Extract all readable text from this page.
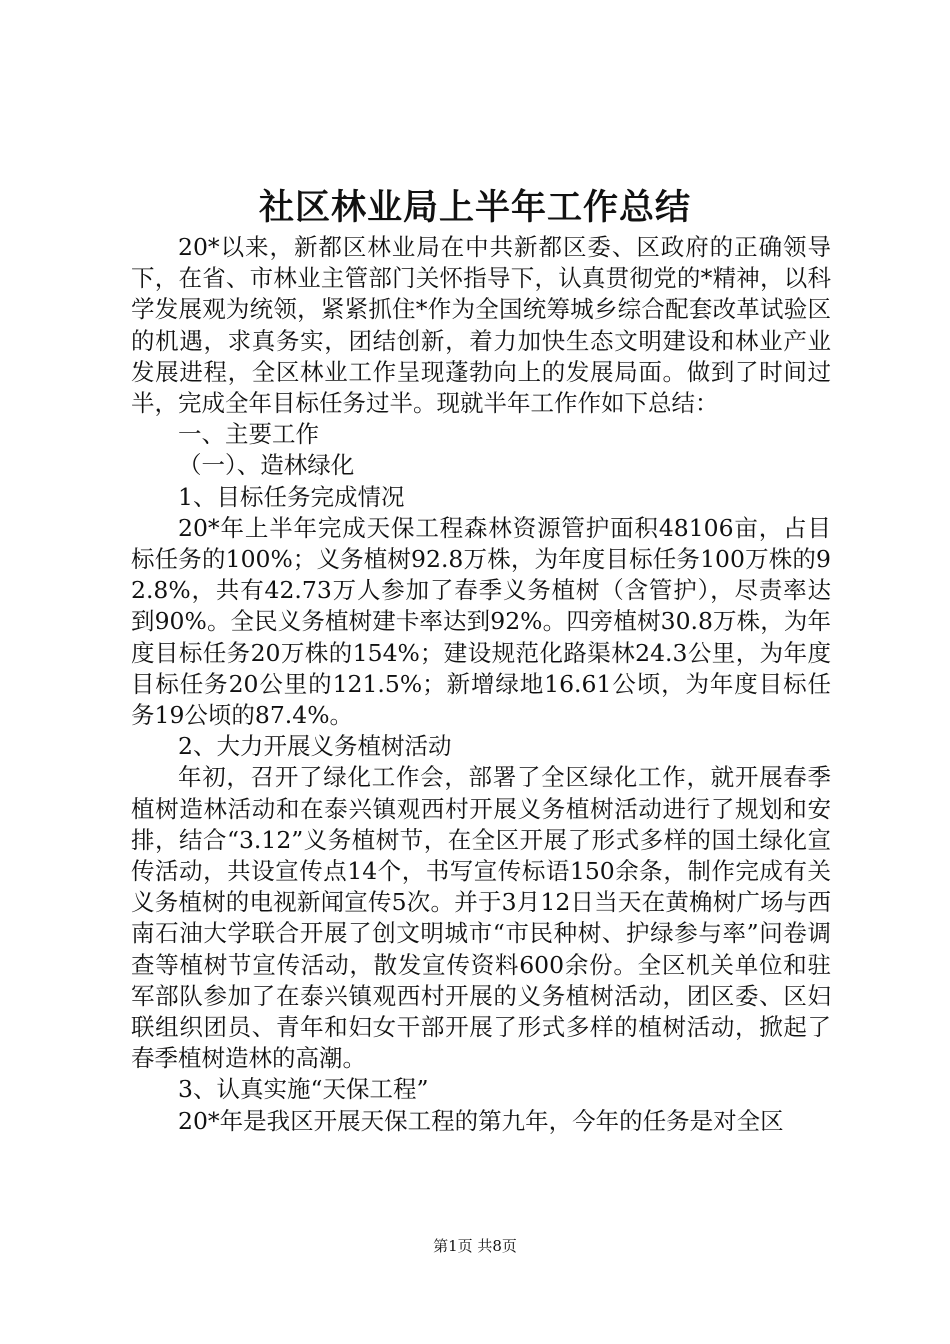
社区林业局上半年工作总结

20*以来，新都区林业局在中共新都区委、区政府的正确领导下，在省、市林业主管部门关怀指导下，认真贯彻党的*精神，以科学发展观为统领，紧紧抓住*作为全国统筹城乡综合配套改革试验区的机遇，求真务实，团结创新，着力加快生态文明建设和林业产业发展进程，全区林业工作呈现蓬勃向上的发展局面。做到了时间过半，完成全年目标任务过半。现就半年工作作如下总结：

一、主要工作

（一）、造林绿化

1、目标任务完成情况

20*年上半年完成天保工程森林资源管护面积48106亩，占目标任务的100%；义务植树92.8万株，为年度目标任务100万株的92.8%，共有42.73万人参加了春季义务植树（含管护），尽责率达到90%。全民义务植树建卡率达到92%。四旁植树30.8万株，为年度目标任务20万株的154%；建设规范化路渠林24.3公里，为年度目标任务20公里的121.5%；新增绿地16.61公顷，为年度目标任务19公顷的87.4%。

2、大力开展义务植树活动

年初，召开了绿化工作会，部署了全区绿化工作，就开展春季植树造林活动和在泰兴镇观西村开展义务植树活动进行了规划和安排，结合“3.12”义务植树节，在全区开展了形式多样的国土绿化宣传活动，共设宣传点14个，书写宣传标语150余条，制作完成有关义务植树的电视新闻宣传5次。并于3月12日当天在黄桷树广场与西南石油大学联合开展了创文明城市“市民种树、护绿参与率”问卷调查等植树节宣传活动，散发宣传资料600余份。全区机关单位和驻军部队参加了在泰兴镇观西村开展的义务植树活动，团区委、区妇联组织团员、青年和妇女干部开展了形式多样的植树活动，掀起了春季植树造林的高潮。

3、认真实施“天保工程”

20*年是我区开展天保工程的第九年，今年的任务是对全区

第1页 共8页
